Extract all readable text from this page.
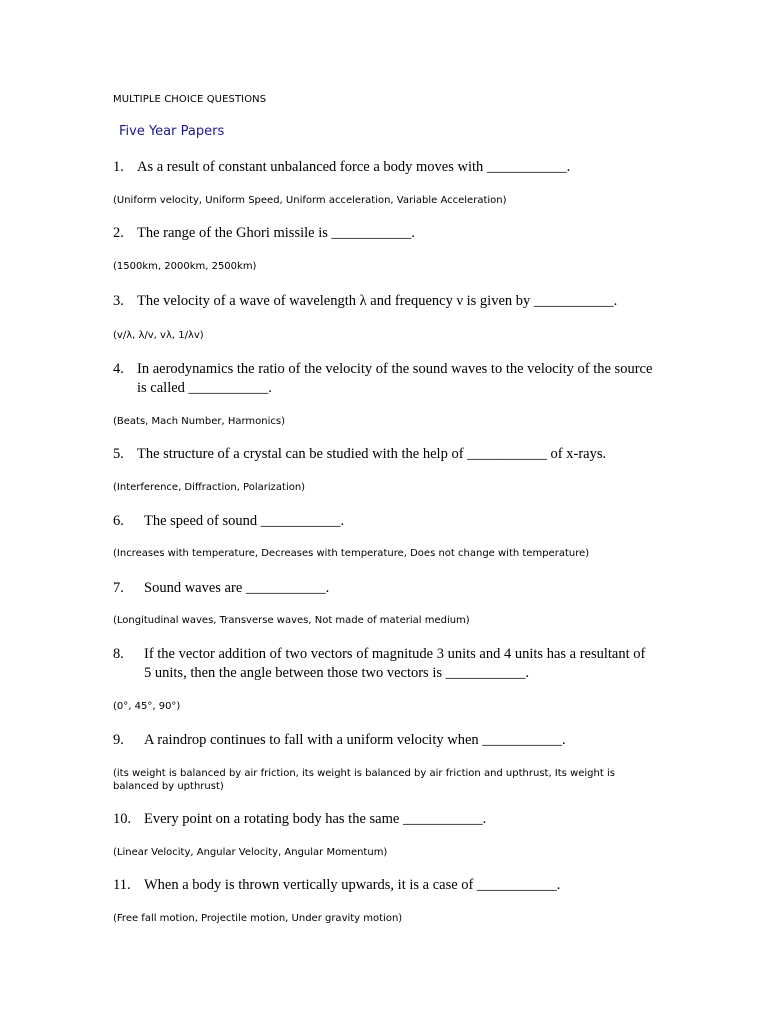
MULTIPLE CHOICE QUESTIONS

Five Year Papers
1. As a result of constant unbalanced force a body moves with ___________.
(Uniform velocity, Uniform Speed, Uniform acceleration, Variable Acceleration)
2. The range of the Ghori missile is ___________.
(1500km, 2000km, 2500km)
3. The velocity of a wave of wavelength λ and frequency ν is given by ___________.
(v/λ, λ/v, vλ, 1/λv)
4. In aerodynamics the ratio of the velocity of the sound waves to the velocity of the source is called ___________.
(Beats, Mach Number, Harmonics)
5. The structure of a crystal can be studied with the help of ___________ of x-rays.
(Interference, Diffraction, Polarization)
6.	The speed of sound ___________.
(Increases with temperature, Decreases with temperature, Does not change with temperature)
7.	Sound waves are ___________.
(Longitudinal waves, Transverse waves, Not made of material medium)
8.	If the vector addition of two vectors of magnitude 3 units and 4 units has a resultant of 5 units, then the angle between those two vectors is ___________.
(0°, 45°, 90°)
9.	A raindrop continues to fall with a uniform velocity when ___________.
(its weight is balanced by air friction, its weight is balanced by air friction and upthrust, Its weight is balanced by upthrust)
10. Every point on a rotating body has the same ___________.
(Linear Velocity, Angular Velocity, Angular Momentum)
11. When a body is thrown vertically upwards, it is a case of ___________.
(Free fall motion, Projectile motion, Under gravity motion)
